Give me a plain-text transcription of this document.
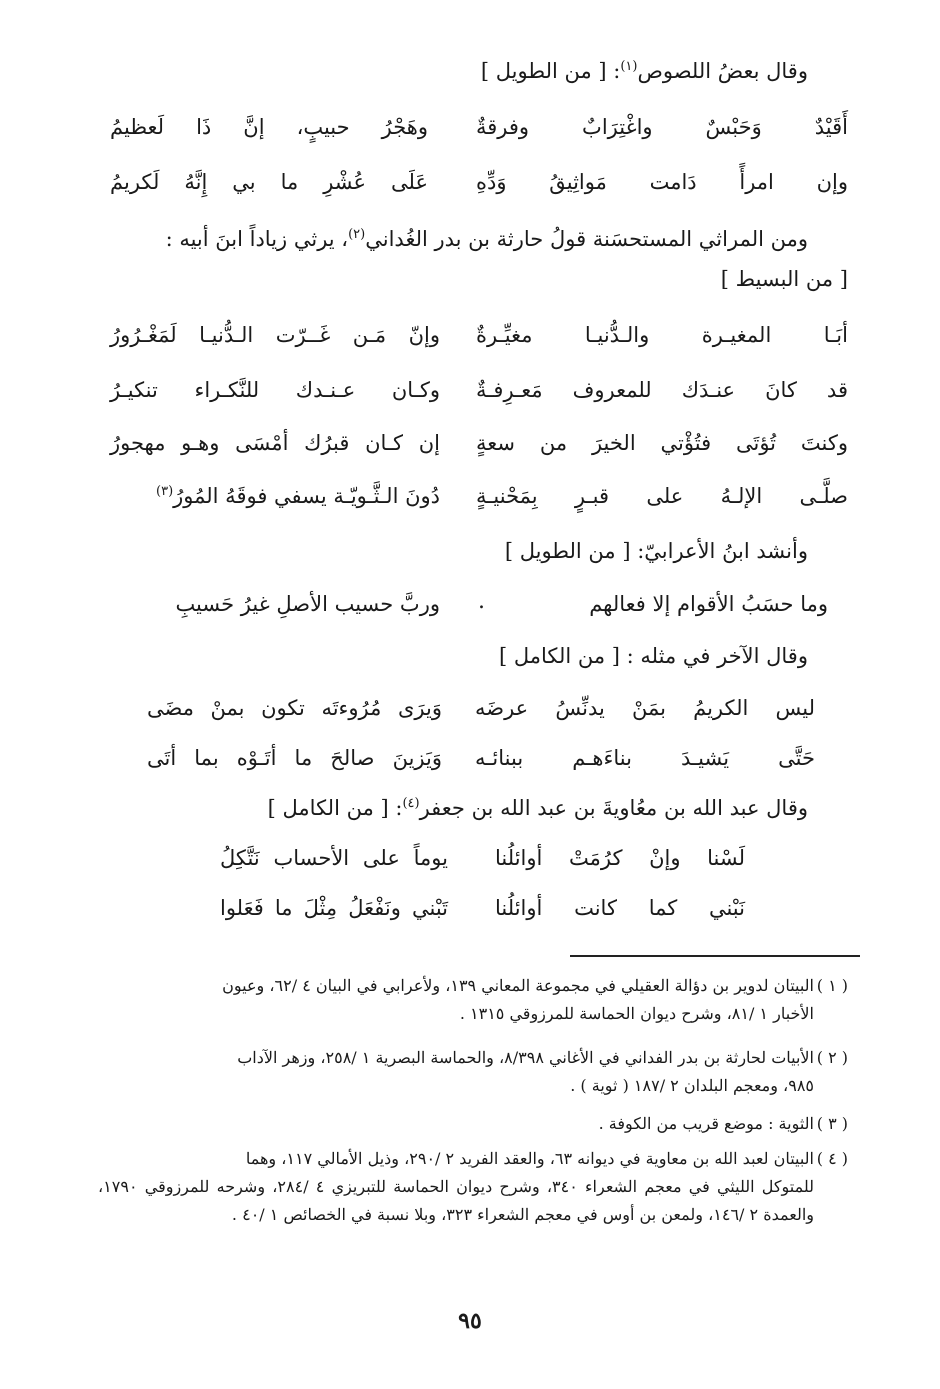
وقال بعضُ اللصوص$^{(١)}$: [ من الطويل ]
أَقَيْدٌ وَحَبْسٌ واغْتِرَابٌ وفرقةٌ
وهَجْرُ حبيبٍ، إنَّ ذَا لَعظيمُ
وإن امرأً دَامت مَواثِيقُ وَدِّهِ
عَلَى عُشْرِ ما بي إِنَّهُ لَكريمُ
ومن المراثي المستحسَنة قولُ حارثة بن بدر الغُداني$^{(٢)}$، يرثي زياداً ابنَ أبيه :
[ من البسيط ]
أبَـا المغيـرة والـدُّنيـا مغيِّـرةٌ
وإنّ مَـن غَــرّت الـدُّنيـا لَمَغْـرُورُ
قد كانَ عنـدَك للمعروف مَعـرِفـةٌ
وكـان عـنـدك للنَّكـراء تنكيـرُ
وكنتَ تُؤتَى فتُؤْتي الخيرَ من سعةٍ
إن كـان قبرُك أمْسَى وهـو مهجورُ
صلَّـى الإلـهُ على قبـرٍ بِمَحْنيـةٍ
دُونَ الـثَّـويّـة يسفي فوقَهُ المُورُ$^{(٣)}$
وأنشد ابنُ الأعرابيّ: [ من الطويل ]
وما حسَبُ الأقوام إلا فعالهم
.
وربَّ حسيب الأصلِ غيرُ حَسيبِ
وقال الآخر في مثله : [ من الكامل ]
ليس الكريمُ بمَنْ يدنِّسُ عرضَه
وَيرَى مُرُوءتَه تكون بمنْ مضَى
حَتَّى يَشيـدَ بناءَهـم ببنائـه
وَيَزينَ صالحَ ما أتَـوْه بما أتَى
وقال عبد الله بن معُاويةَ بن عبد الله بن جعفر$^{(٤)}$: [ من الكامل ]
لَسْنا وإنْ كرُمَتْ أوائلُنا
يوماً على الأحساب نَتَّكِلُ
نَبْني كما كانت أوائلُنا
تَبْني ونَفْعَلُ مِثْلَ ما فَعَلوا
( ١ )البيتان لدوير بن دؤالة العقيلي في مجموعة المعاني ١٣٩، ولأعرابي في البيان ٤ /٦٢، وعيون
الأخبار ١ /٨١، وشرح ديوان الحماسة للمرزوقي ١٣١٥ .
( ٢ )الأبيات لحارثة بن بدر الفداني في الأغاني ٨/٣٩٨، والحماسة البصرية ١ /٢٥٨، وزهر الآداب
٩٨٥، ومعجم البلدان ٢ /١٨٧ ( ثوية ) .
( ٣ )الثوية : موضع قريب من الكوفة .
( ٤ )البيتان لعبد الله بن معاوية في ديوانه ٦٣، والعقد الفريد ٢ /٢٩٠، وذيل الأمالي ١١٧، وهما
للمتوكل الليثي في معجم الشعراء ٣٤٠، وشرح ديوان الحماسة للتبريزي ٤ /٢٨٤، وشرحه للمرزوقي ١٧٩٠، والعمدة ٢ /١٤٦، ولمعن بن أوس في معجم الشعراء ٣٢٣، وبلا نسبة في الخصائص ١ /٤٠ .
٩٥
